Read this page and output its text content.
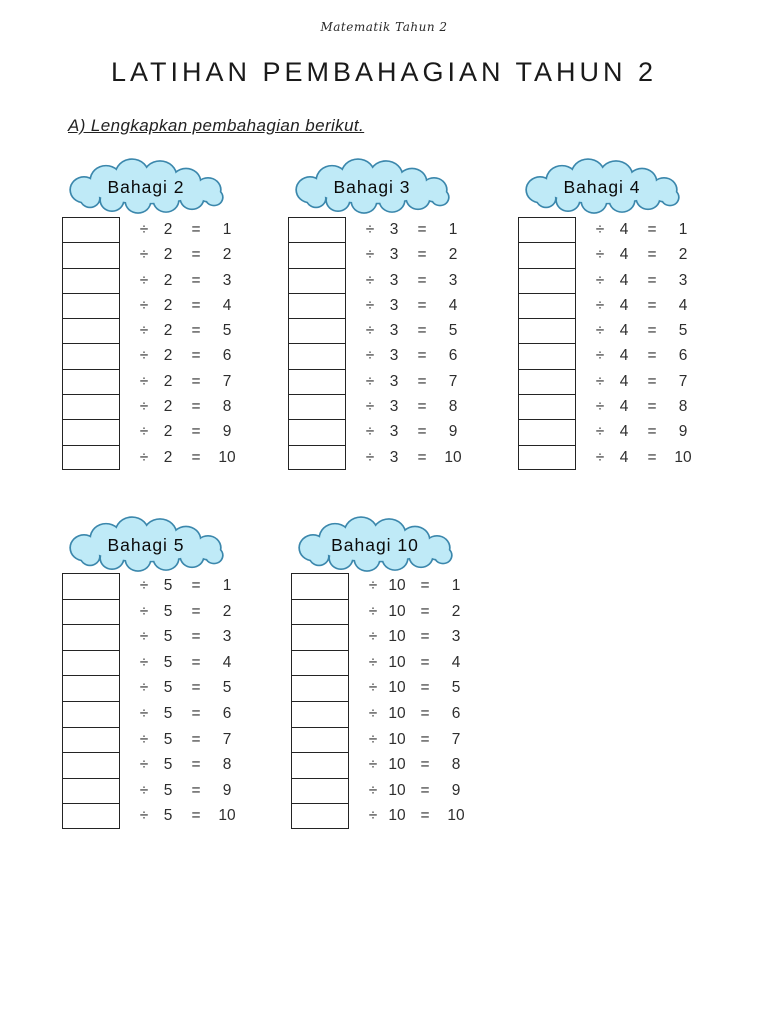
Matematik Tahun 2
LATIHAN PEMBAHAGIAN TAHUN 2
A) Lengkapkan pembahagian berikut.
Bahagi 2
÷ 2	=	1
÷ 2	=	2
÷ 2	=	3
÷ 2	=	4
÷ 2	=	5
÷ 2	=	6
÷ 2	=	7
÷ 2	=	8
÷ 2	=	9
÷ 2	=	10
Bahagi 3
÷ 3	=	1
÷ 3	=	2
÷ 3	=	3
÷ 3	=	4
÷ 3	=	5
÷ 3	=	6
÷ 3	=	7
÷ 3	=	8
÷ 3	=	9
÷ 3	=	10
Bahagi 4
÷ 4	=	1
÷ 4	=	2
÷ 4	=	3
÷ 4	=	4
÷ 4	=	5
÷ 4	=	6
÷ 4	=	7
÷ 4	=	8
÷ 4	=	9
÷ 4	=	10
Bahagi 5
÷ 5	=	1
÷ 5	=	2
÷ 5	=	3
÷ 5	=	4
÷ 5	=	5
÷ 5	=	6
÷ 5	=	7
÷ 5	=	8
÷ 5	=	9
÷ 5	=	10
Bahagi 10
÷ 10 =	1
÷ 10 =	2
÷ 10 =	3
÷ 10 =	4
÷ 10 =	5
÷ 10 =	6
÷ 10 =	7
÷ 10 =	8
÷ 10 =	9
÷ 10 =	10
